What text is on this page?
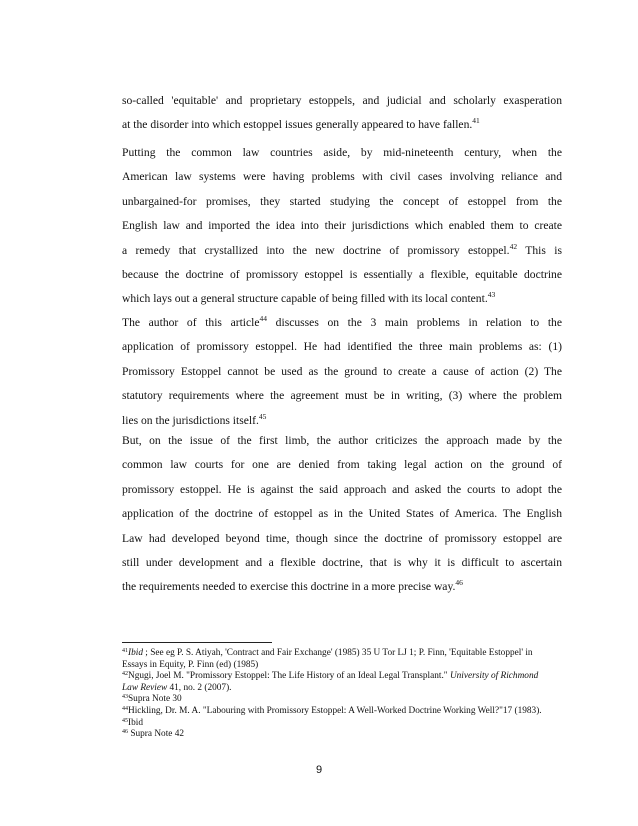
so-called 'equitable' and proprietary estoppels, and judicial and scholarly exasperation
at the disorder into which estoppel issues generally appeared to have fallen.$^{41}$

Putting the common law countries aside, by mid-nineteenth century, when the
American law systems were having problems with civil cases involving reliance and
unbargained-for promises, they started studying the concept of estoppel from the
English law and imported the idea into their jurisdictions which enabled them to create
a remedy that crystallized into the new doctrine of promissory estoppel.$^{42}$ This is
because the doctrine of promissory estoppel is essentially a flexible, equitable doctrine
which lays out a general structure capable of being filled with its local content.$^{43}$

The author of this article$^{44}$ discusses on the 3 main problems in relation to the
application of promissory estoppel. He had identified the three main problems as: (1)
Promissory Estoppel cannot be used as the ground to create a cause of action (2) The
statutory requirements where the agreement must be in writing, (3) where the problem
lies on the jurisdictions itself.$^{45}$

But, on the issue of the first limb, the author criticizes the approach made by the
common law courts for one are denied from taking legal action on the ground of
promissory estoppel. He is against the said approach and asked the courts to adopt the
application of the doctrine of estoppel as in the United States of America. The English
Law had developed beyond time, though since the doctrine of promissory estoppel are
still under development and a flexible doctrine, that is why it is difficult to ascertain
the requirements needed to exercise this doctrine in a more precise way.$^{46}$

$^{41}$Ibid ; See eg P. S. Atiyah, 'Contract and Fair Exchange' (1985) 35 U Tor LJ 1; P. Finn, 'Equitable Estoppel' in

Essays in Equity, P. Finn (ed) (1985)

$^{42}$Ngugi, Joel M. "Promissory Estoppel: The Life History of an Ideal Legal Transplant." University of Richmond

Law Review 41, no. 2 (2007).

$^{43}$Supra Note 30

$^{44}$Hickling, Dr. M. A. "Labouring with Promissory Estoppel: A Well-Worked Doctrine Working Well?"17 (1983).

$^{45}$Ibid

$^{46}$ Supra Note 42

9
